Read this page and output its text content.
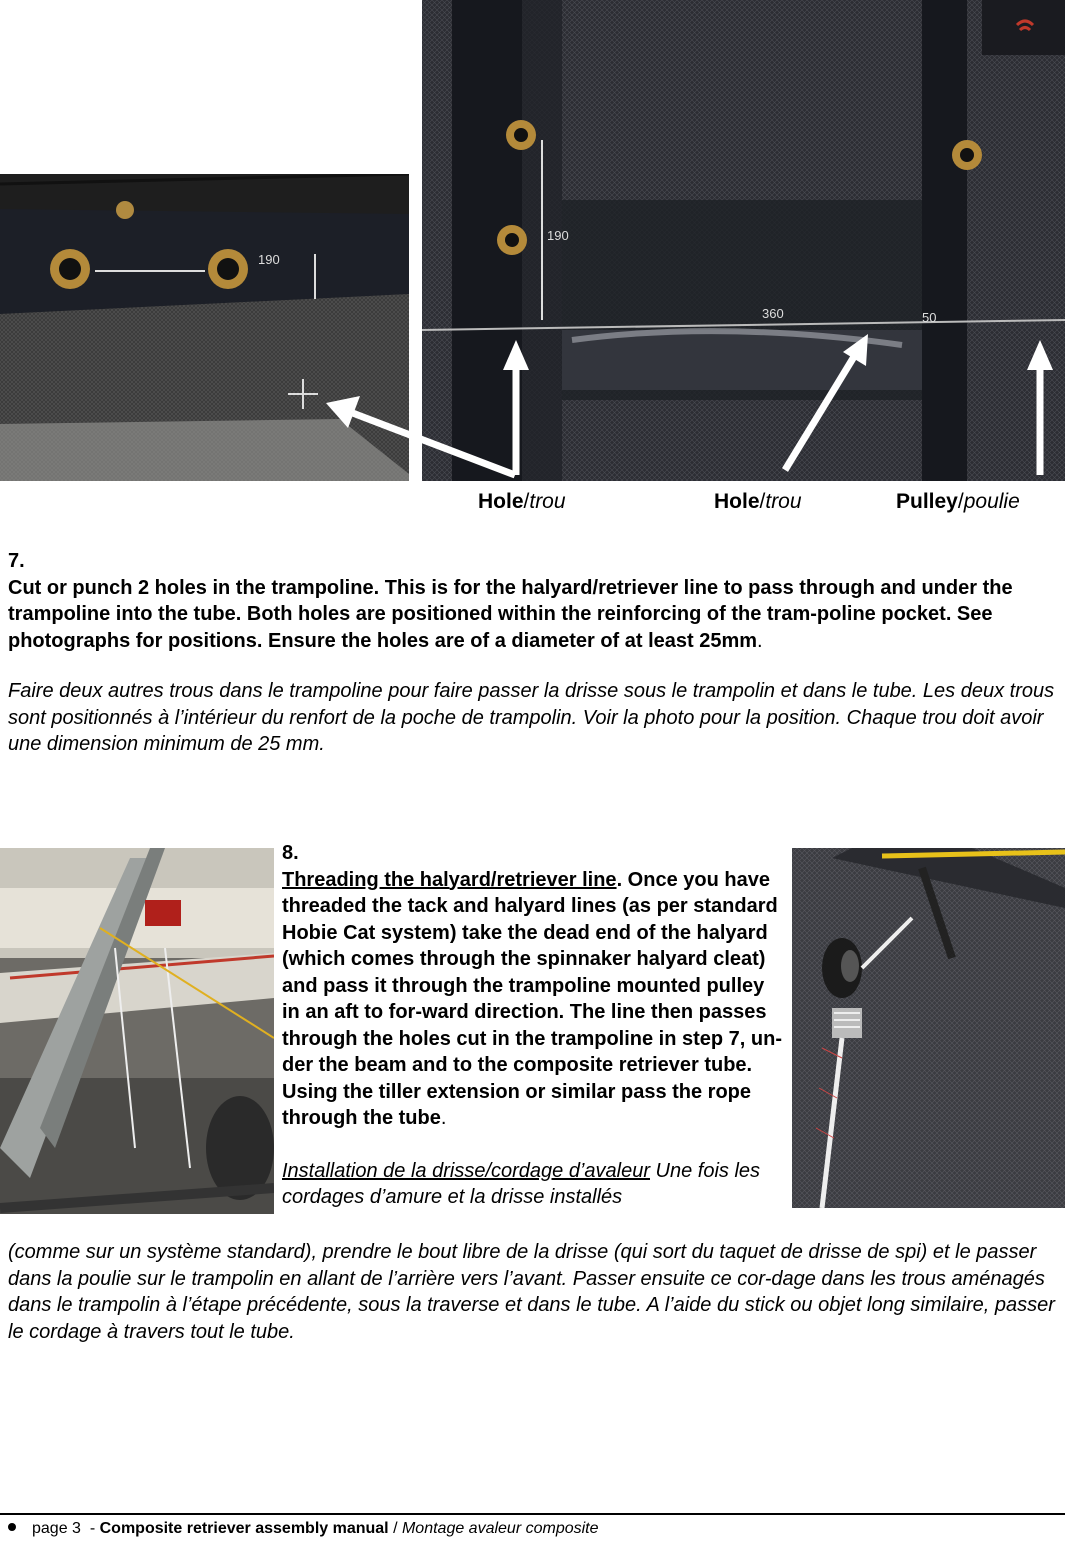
190
190
360	50
Hole/trou	Hole/trou	Pulley/poulie

7.

Cut or punch 2 holes in the trampoline. This is for the halyard/retriever line to pass through and under the trampoline into the tube. Both holes are positioned within the reinforcing of the tram-poline pocket. See photographs for positions. Ensure the holes are of a diameter of at least 25mm.

Faire deux autres trous dans le trampoline pour faire passer la drisse sous le trampolin et dans le tube. Les deux trous sont positionnés à l’intérieur du renfort de la poche de trampolin. Voir la photo pour la position. Chaque trou doit avoir une dimension minimum de 25 mm.

8.

Threading the halyard/retriever line. Once you have threaded the tack and halyard lines (as per standard Hobie Cat system) take the dead end of the halyard (which comes through the spinnaker halyard cleat) and pass it through the trampoline mounted pulley in an aft to for-ward direction. The line then passes through the holes cut in the trampoline in step 7, un-der the beam and to the composite retriever tube. Using the tiller extension or similar pass the rope through the tube.

Installation de la drisse/cordage d’avaleur Une fois les cordages d’amure et la drisse installés

(comme sur un système standard), prendre le bout libre de la drisse (qui sort du taquet de drisse de spi) et le passer dans la poulie sur le trampolin en allant de l’arrière vers l’avant. Passer ensuite ce cor-dage dans les trous aménagés dans le trampolin à l’étape précédente, sous la traverse et dans le tube. A l’aide du stick ou objet long similaire, passer le cordage à travers tout le tube.

page 3  - Composite retriever assembly manual / Montage avaleur composite
